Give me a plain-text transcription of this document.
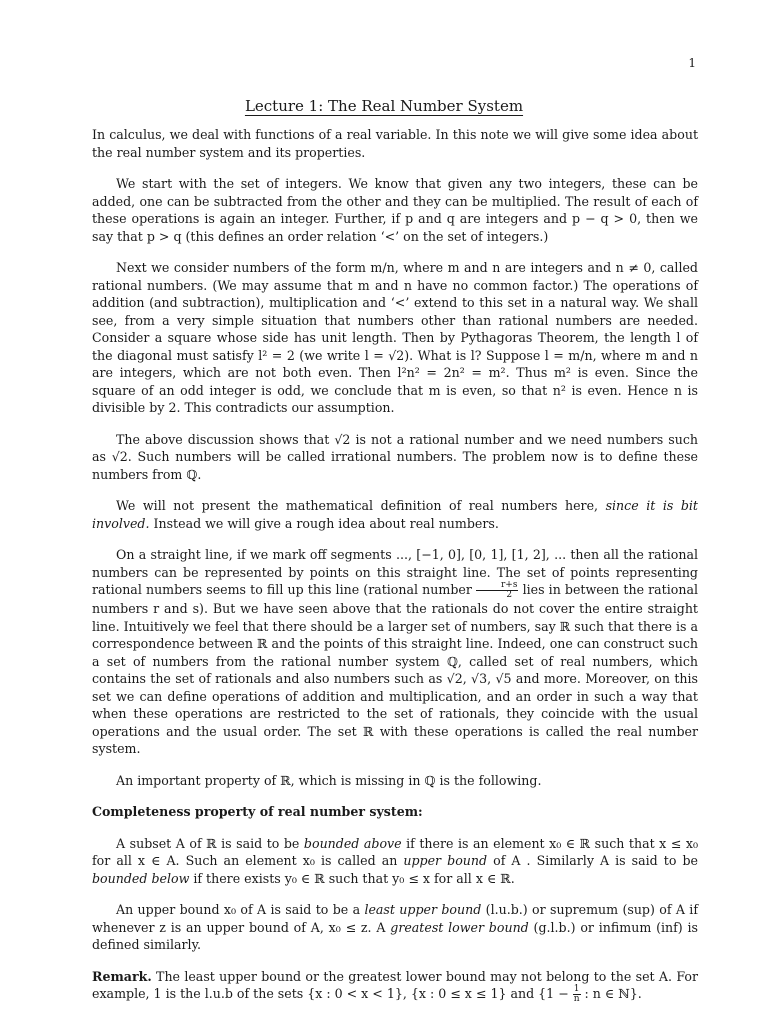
1
Lecture 1: The Real Number System

In calculus, we deal with functions of a real variable. In this note we will give some idea about the real number system and its properties.

We start with the set of integers. We know that given any two integers, these can be added, one can be subtracted from the other and they can be multiplied. The result of each of these operations is again an integer. Further, if p and q are integers and p − q > 0, then we say that p > q (this defines an order relation ‘<’ on the set of integers.)

Next we consider numbers of the form m/n, where m and n are integers and n ≠ 0, called rational numbers. (We may assume that m and n have no common factor.) The operations of addition (and subtraction), multiplication and ‘<’ extend to this set in a natural way. We shall see, from a very simple situation that numbers other than rational numbers are needed. Consider a square whose side has unit length. Then by Pythagoras Theorem, the length l of the diagonal must satisfy l² = 2 (we write l = √2). What is l? Suppose l = m/n, where m and n are integers, which are not both even. Then l²n² = 2n² = m². Thus m² is even. Since the square of an odd integer is odd, we conclude that m is even, so that n² is even. Hence n is divisible by 2. This contradicts our assumption.

The above discussion shows that √2 is not a rational number and we need numbers such as √2. Such numbers will be called irrational numbers. The problem now is to define these numbers from ℚ.

We will not present the mathematical definition of real numbers here, since it is bit involved. Instead we will give a rough idea about real numbers.

On a straight line, if we mark off segments ..., [−1, 0], [0, 1], [1, 2], ... then all the rational numbers can be represented by points on this straight line. The set of points representing rational numbers seems to fill up this line (rational number $\frac{r+s}{2}$ lies in between the rational numbers r and s). But we have seen above that the rationals do not cover the entire straight line. Intuitively we feel that there should be a larger set of numbers, say ℝ such that there is a correspondence between ℝ and the points of this straight line. Indeed, one can construct such a set of numbers from the rational number system ℚ, called set of real numbers, which contains the set of rationals and also numbers such as √2, √3, √5 and more. Moreover, on this set we can define operations of addition and multiplication, and an order in such a way that when these operations are restricted to the set of rationals, they coincide with the usual operations and the usual order. The set ℝ with these operations is called the real number system.

An important property of ℝ, which is missing in ℚ is the following.

Completeness property of real number system:

A subset A of ℝ is said to be bounded above if there is an element x₀ ∈ ℝ such that x ≤ x₀ for all x ∈ A. Such an element x₀ is called an upper bound of A . Similarly A is said to be bounded below if there exists y₀ ∈ ℝ such that y₀ ≤ x for all x ∈ ℝ.

An upper bound x₀ of A is said to be a least upper bound (l.u.b.) or supremum (sup) of A if whenever z is an upper bound of A, x₀ ≤ z. A greatest lower bound (g.l.b.) or infimum (inf) is defined similarly.

Remark. The least upper bound or the greatest lower bound may not belong to the set A. For example, 1 is the l.u.b of the sets {x : 0 < x < 1}, {x : 0 ≤ x ≤ 1} and {$1 - \frac{1}{n}$ : n ∈ ℕ}.
